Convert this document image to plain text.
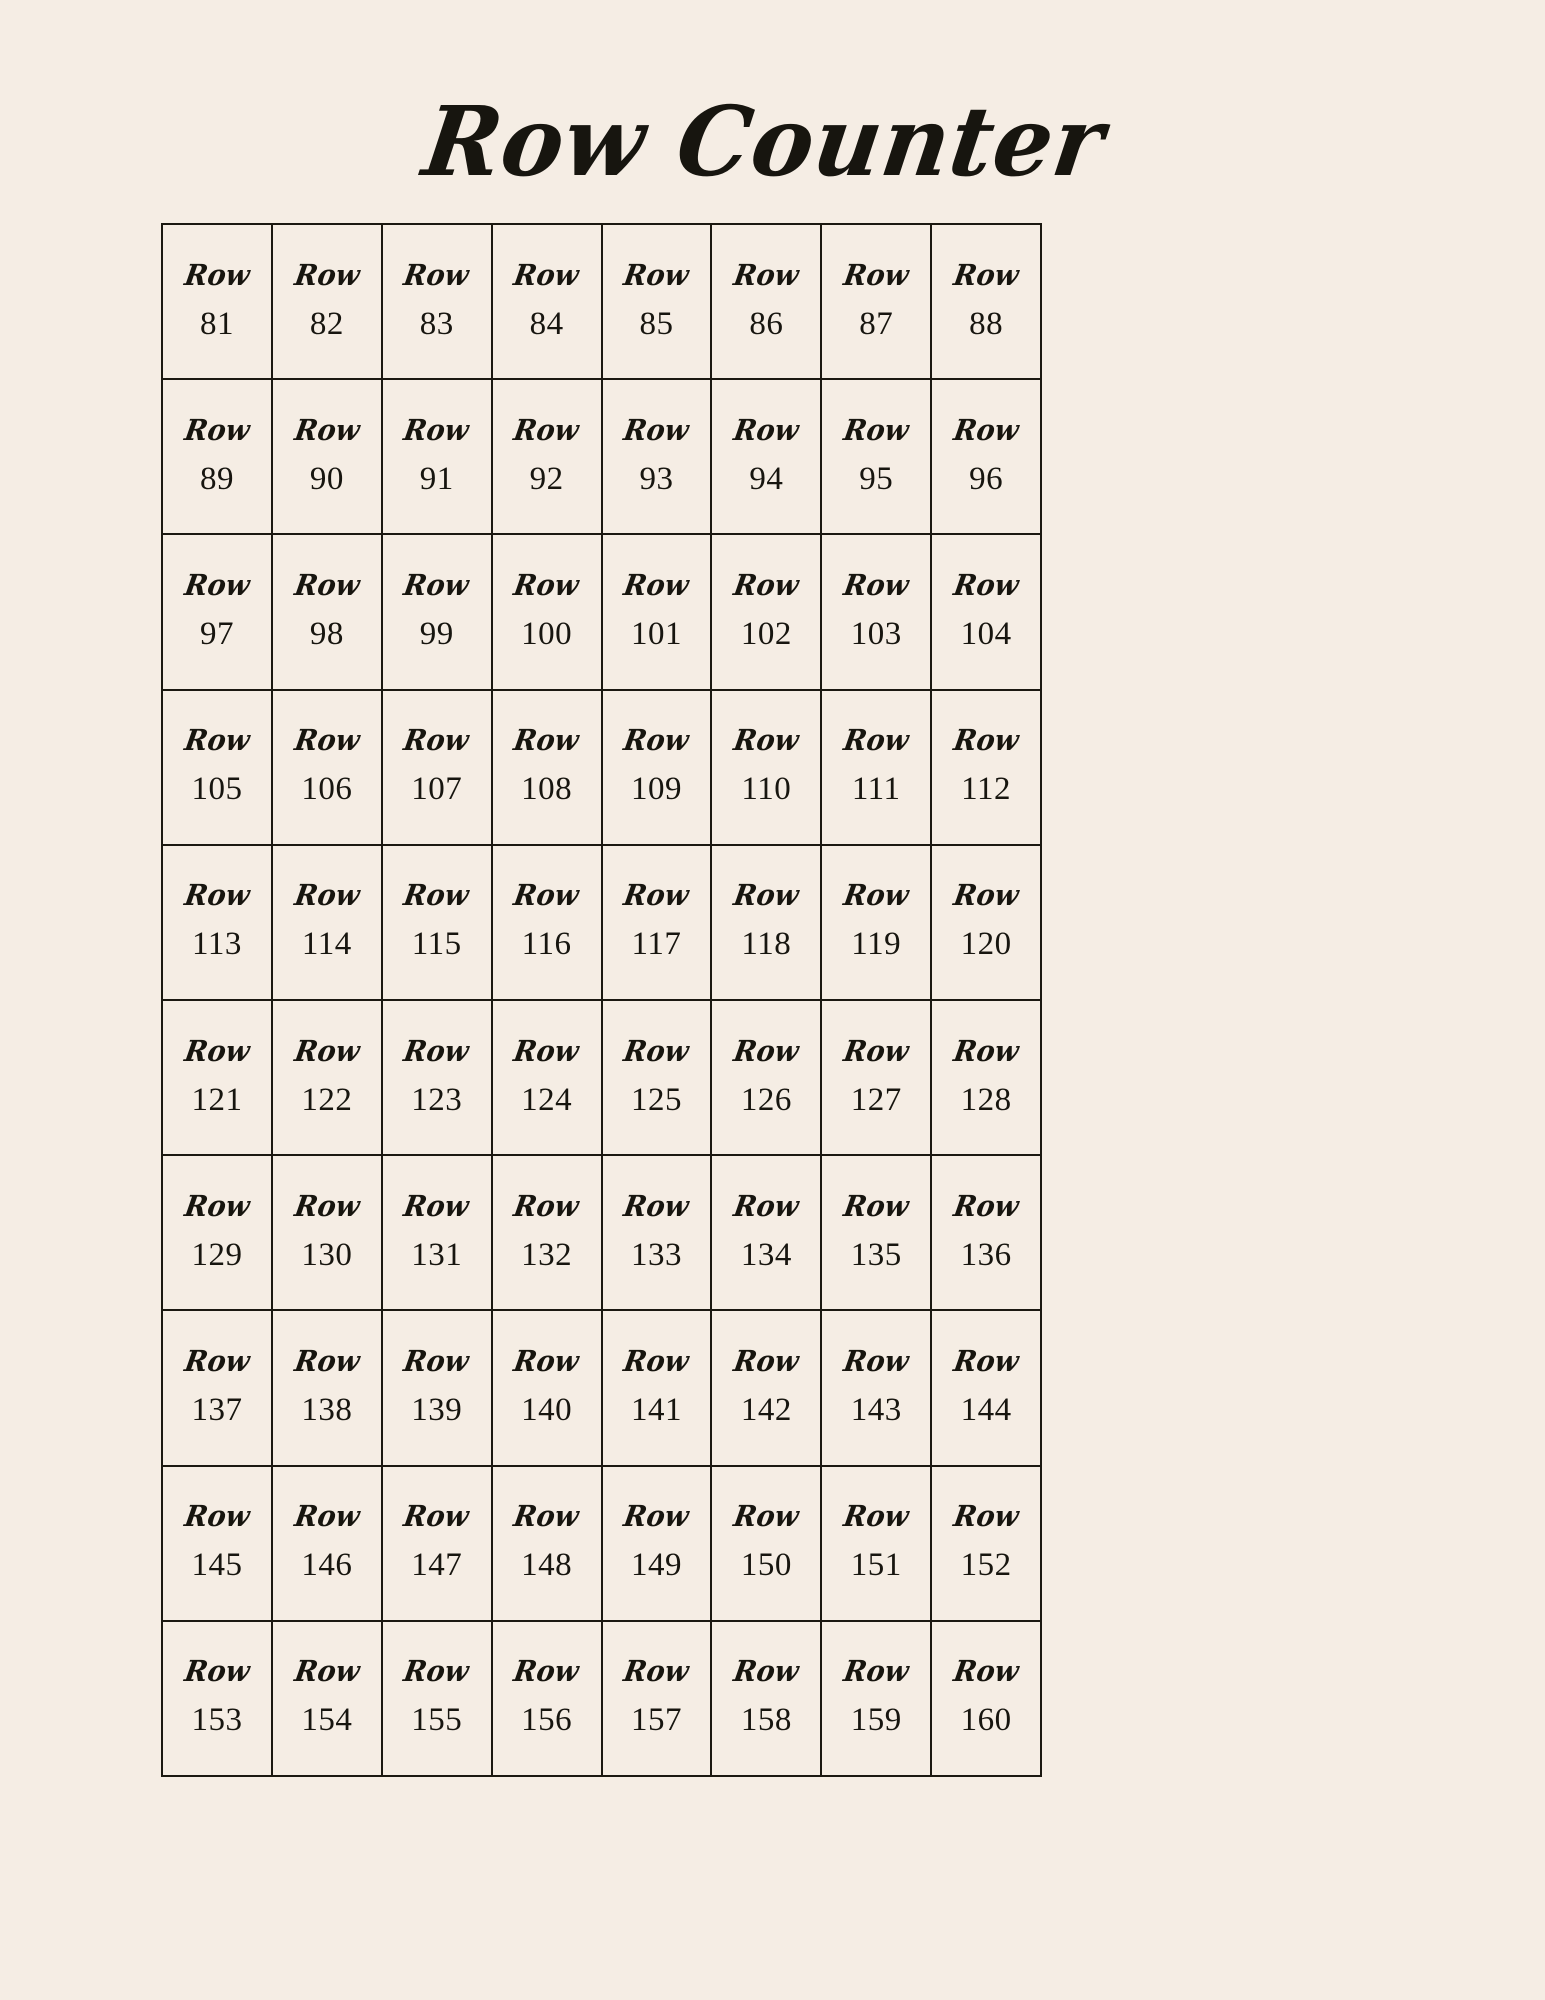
Row Counter
Row
81
Row
82
Row
83
Row
84
Row
85
Row
86
Row
87
Row
88
Row
89
Row
90
Row
91
Row
92
Row
93
Row
94
Row
95
Row
96
Row
97
Row
98
Row
99
Row
100
Row
101
Row
102
Row
103
Row
104
Row
105
Row
106
Row
107
Row
108
Row
109
Row
110
Row
111
Row
112
Row
113
Row
114
Row
115
Row
116
Row
117
Row
118
Row
119
Row
120
Row
121
Row
122
Row
123
Row
124
Row
125
Row
126
Row
127
Row
128
Row
129
Row
130
Row
131
Row
132
Row
133
Row
134
Row
135
Row
136
Row
137
Row
138
Row
139
Row
140
Row
141
Row
142
Row
143
Row
144
Row
145
Row
146
Row
147
Row
148
Row
149
Row
150
Row
151
Row
152
Row
153
Row
154
Row
155
Row
156
Row
157
Row
158
Row
159
Row
160
